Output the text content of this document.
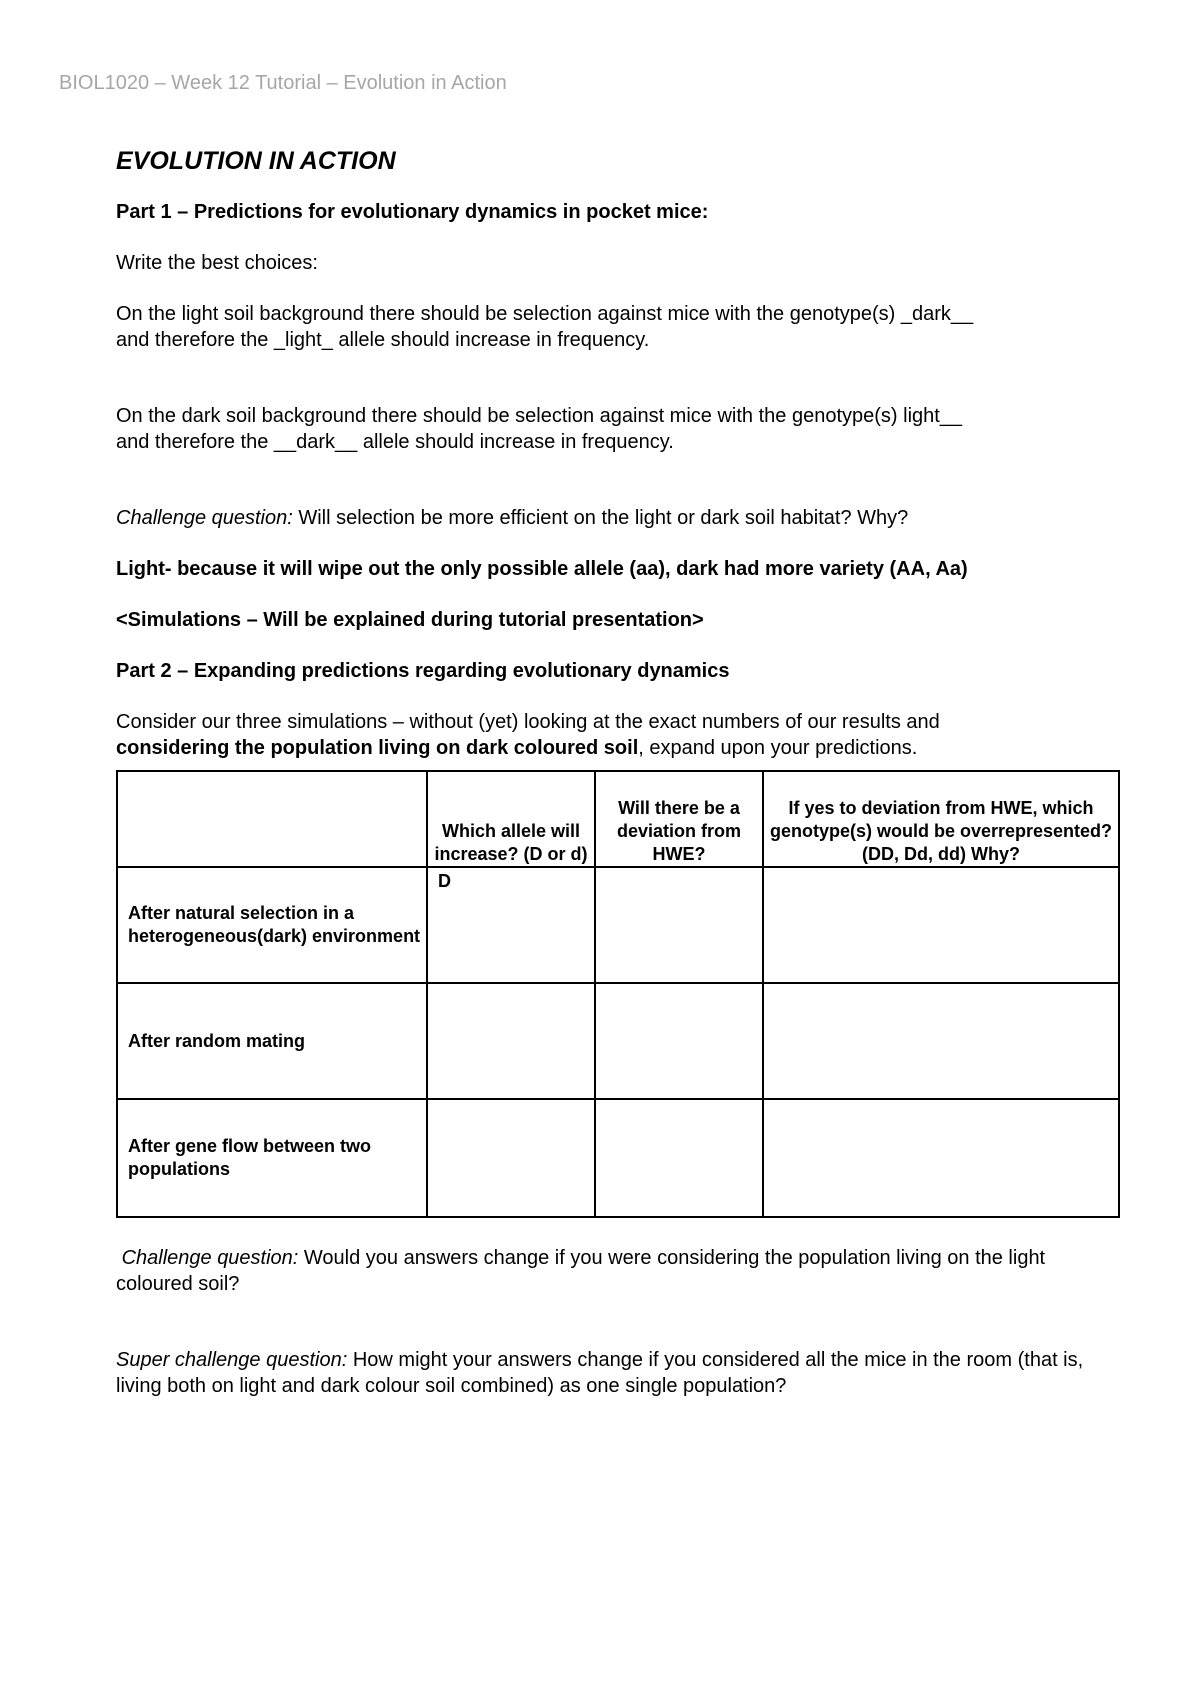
BIOL1020 – Week 12 Tutorial – Evolution in Action
EVOLUTION IN ACTION
Part 1 – Predictions for evolutionary dynamics in pocket mice:
Write the best choices:
On the light soil background there should be selection against mice with the genotype(s) _dark__
and therefore the _light_ allele should increase in frequency.
On the dark soil background there should be selection against mice with the genotype(s) light__
and therefore the __dark__ allele should increase in frequency.
Challenge question: Will selection be more efficient on the light or dark soil habitat? Why?
Light- because it will wipe out the only possible allele (aa), dark had more variety (AA, Aa)
<Simulations – Will be explained during tutorial presentation>
Part 2 – Expanding predictions regarding evolutionary dynamics
Consider our three simulations – without (yet) looking at the exact numbers of our results and
considering the population living on dark coloured soil, expand upon your predictions.

	Which allele will increase? (D or d)	Will there be a deviation from HWE?	If yes to deviation from HWE, which genotype(s) would be overrepresented? (DD, Dd, dd) Why?

After natural selection in a heterogeneous(dark) environment	D		

After random mating			

After gene flow between two populations			

Challenge question: Would you answers change if you were considering the population living on the light coloured soil?
Super challenge question: How might your answers change if you considered all the mice in the room (that is, living both on light and dark colour soil combined) as one single population?
